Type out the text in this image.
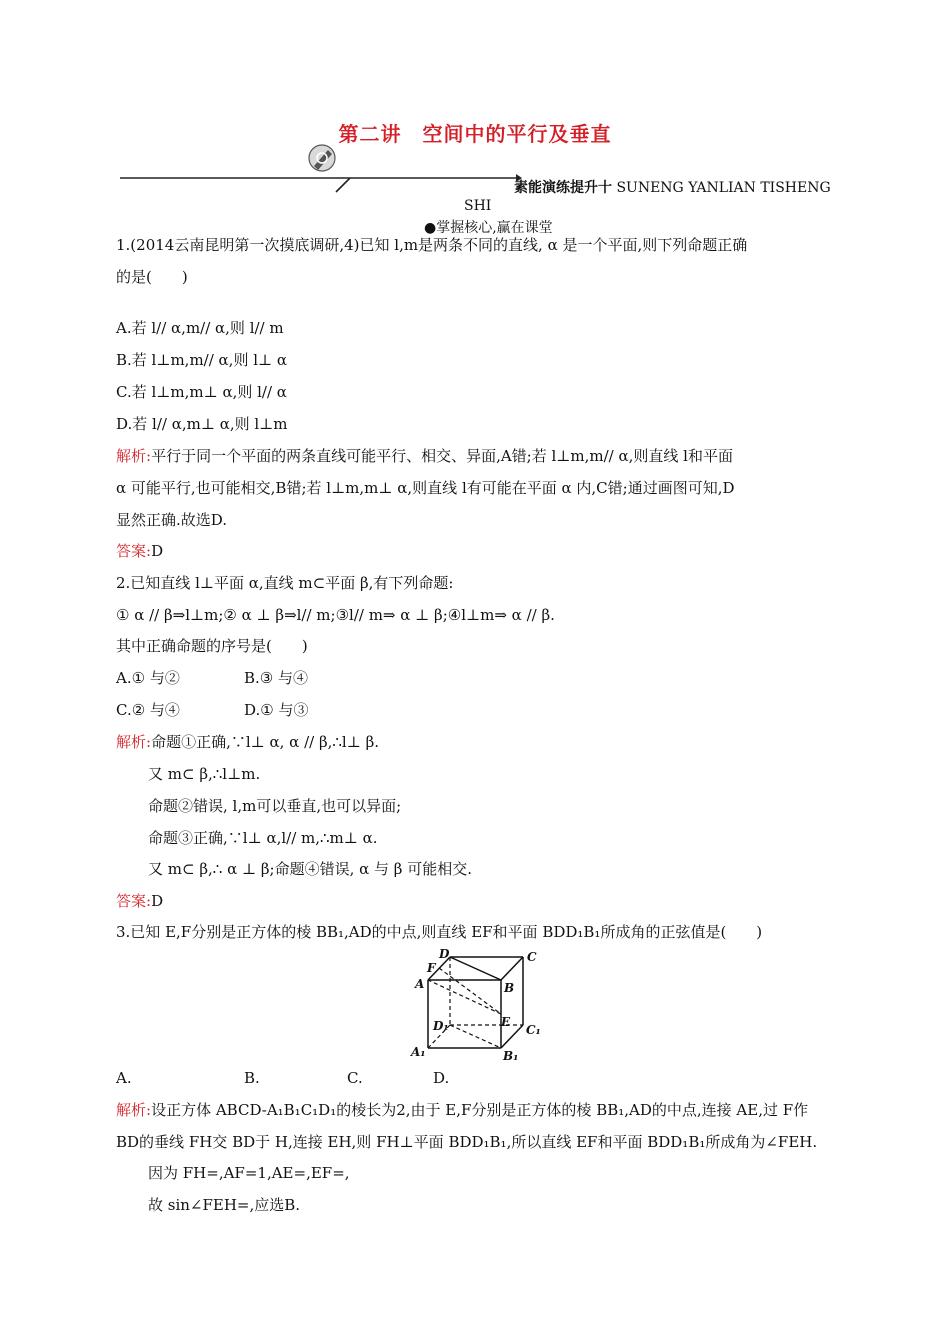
第二讲　空间中的平行及垂直
素能演练提升十 SUNENG YANLIAN TISHENG
SHI
●掌握核心,赢在课堂
1.(2014云南昆明第一次摸底调研,4)已知 l,m是两条不同的直线, α 是一个平面,则下列命题正确
的是(　　)
A.若 l// α,m// α,则 l// m
B.若 l⊥m,m// α,则 l⊥ α
C.若 l⊥m,m⊥ α,则 l// α
D.若 l// α,m⊥ α,则 l⊥m
解析:平行于同一个平面的两条直线可能平行、相交、异面,A错;若 l⊥m,m// α,则直线 l和平面
α 可能平行,也可能相交,B错;若 l⊥m,m⊥ α,则直线 l有可能在平面 α 内,C错;通过画图可知,D
显然正确.故选D.
答案:D
2.已知直线 l⊥平面 α,直线 m⊂平面 β,有下列命题:
① α // β⇒l⊥m;② α ⊥ β⇒l// m;③l// m⇒ α ⊥ β;④l⊥m⇒ α // β.
其中正确命题的序号是(　　)
A.① 与②	B.③ 与④
C.② 与④	D.① 与③
解析:命题①正确,∵l⊥ α, α // β,∴l⊥ β.
又 m⊂ β,∴l⊥m.
命题②错误, l,m可以垂直,也可以异面;
命题③正确,∵l⊥ α,l// m,∴m⊥ α.
又 m⊂ β,∴ α ⊥ β;命题④错误, α 与 β 可能相交.
答案:D
3.已知 E,F分别是正方体的棱 BB₁,AD的中点,则直线 EF和平面 BDD₁B₁所成角的正弦值是(　　)
D	C
F
A	B
E
D₁	C₁
A₁	B₁
A.	B.	C.	D.
解析:设正方体 ABCD-A₁B₁C₁D₁的棱长为2,由于 E,F分别是正方体的棱 BB₁,AD的中点,连接 AE,过 F作
BD的垂线 FH交 BD于 H,连接 EH,则 FH⊥平面 BDD₁B₁,所以直线 EF和平面 BDD₁B₁所成角为∠FEH.
因为 FH=,AF=1,AE=,EF=,
故 sin∠FEH=,应选B.
